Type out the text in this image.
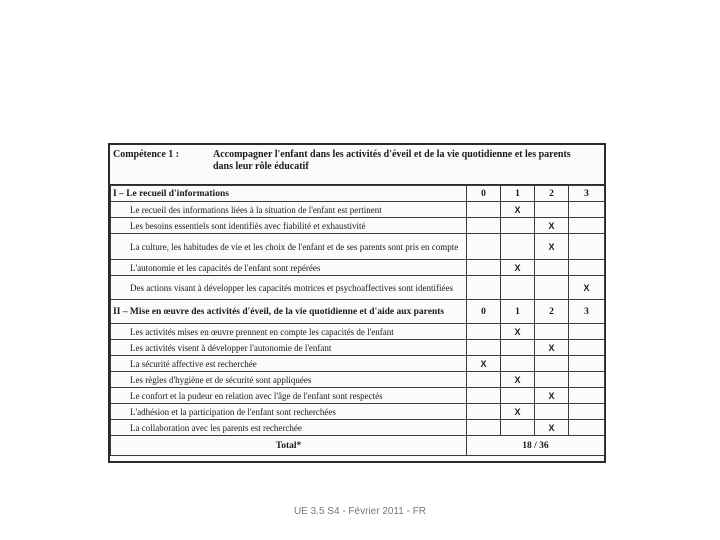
Compétence 1 :	Accompagner l'enfant dans les activités d'éveil et de la vie quotidienne et les parents
dans leur rôle éducatif
I – Le recueil d'informations	0	1	2	3
Le recueil des informations liées à la situation de l'enfant est pertinent		X		
Les besoins essentiels sont identifiés avec fiabilité et exhaustivité			X	
La culture, les habitudes de vie et les choix de l'enfant et de ses parents sont pris en compte			X	
L'autonomie et les capacités de l'enfant sont repérées		X		
Des actions visant à développer les capacités motrices et psychoaffectives sont identifiées				X
II – Mise en œuvre des activités d'éveil, de la vie quotidienne et d'aide aux parents	0	1	2	3
Les activités mises en œuvre prennent en compte les capacités de l'enfant		X		
Les activités visent à développer l'autonomie de l'enfant			X	
La sécurité affective est recherchée	X			
Les règles d'hygiène et de sécurité sont appliquées		X		
Le confort et la pudeur en relation avec l'âge de l'enfant sont respectés			X	
L'adhésion et la participation de l'enfant sont recherchées		X		
La collaboration avec les parents est recherchée			X	
Total*	18 / 36			
UE 3.5 S4 - Février 2011 - FR
